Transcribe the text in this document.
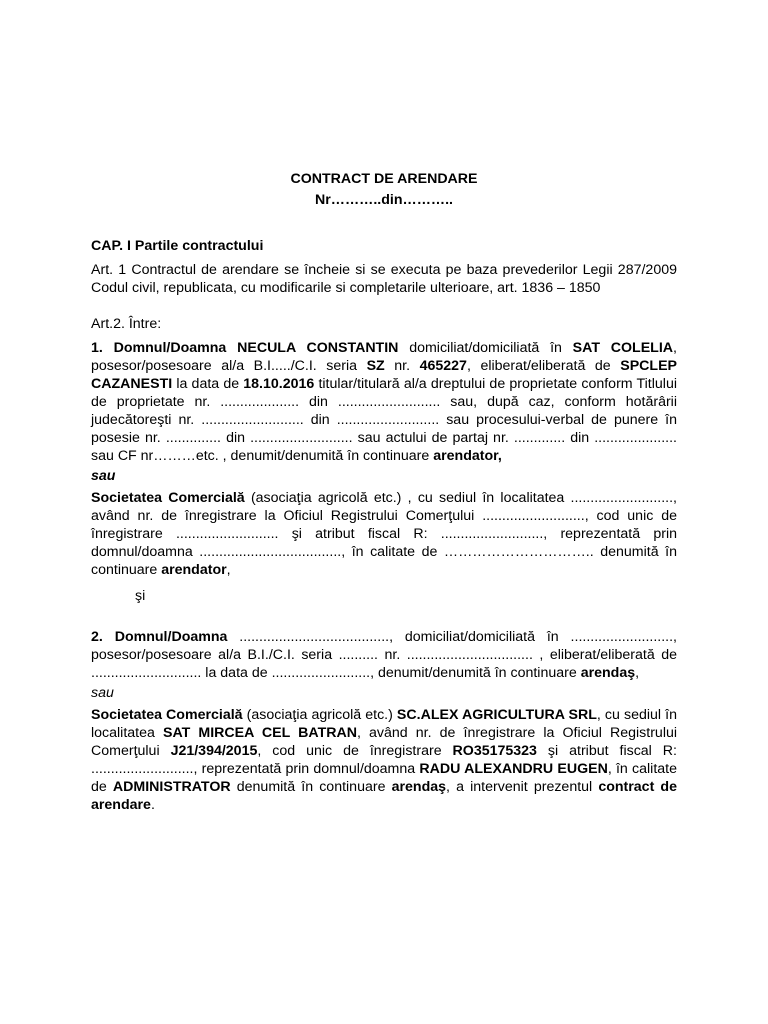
CONTRACT DE ARENDARE

Nr………..din………..

CAP. I Partile contractului

Art. 1 Contractul de arendare se încheie si se executa pe baza prevederilor Legii 287/2009 Codul civil, republicata, cu modificarile si completarile ulterioare, art. 1836 – 1850

Art.2. Între:

1. Domnul/Doamna NECULA CONSTANTIN domiciliat/domiciliată în SAT COLELIA, posesor/posesoare al/a B.I...../C.I. seria SZ nr. 465227, eliberat/eliberată de SPCLEP CAZANESTI la data de 18.10.2016 titular/titulară al/a dreptului de proprietate conform Titlului de proprietate nr. .................... din .......................... sau, după caz, conform hotărârii judecătoreşti nr. .......................... din .......................... sau procesului-verbal de punere în posesie nr. .............. din .......................... sau actului de partaj nr. ............. din ..................... sau CF nr………etc. , denumit/denumită în continuare arendator,

sau

Societatea Comercială (asociaţia agricolă etc.) , cu sediul în localitatea .........................., având nr. de înregistrare la Oficiul Registrului Comerţului .........................., cod unic de înregistrare .......................... şi atribut fiscal R: .........................., reprezentată prin domnul/doamna ...................................., în calitate de ………………………….. denumită în continuare arendator,

şi

2. Domnul/Doamna ......................................, domiciliat/domiciliată în .........................., posesor/posesoare al/a B.I./C.I. seria .......... nr. ................................ , eliberat/eliberată de ............................ la data de ........................., denumit/denumită în continuare arendaş,

sau

Societatea Comercială (asociaţia agricolă etc.) SC.ALEX AGRICULTURA SRL, cu sediul în localitatea SAT MIRCEA CEL BATRAN, având nr. de înregistrare la Oficiul Registrului Comerţului J21/394/2015, cod unic de înregistrare RO35175323 şi atribut fiscal R: .........................., reprezentată prin domnul/doamna RADU ALEXANDRU EUGEN, în calitate de ADMINISTRATOR denumită în continuare arendaş, a intervenit prezentul contract de arendare.
